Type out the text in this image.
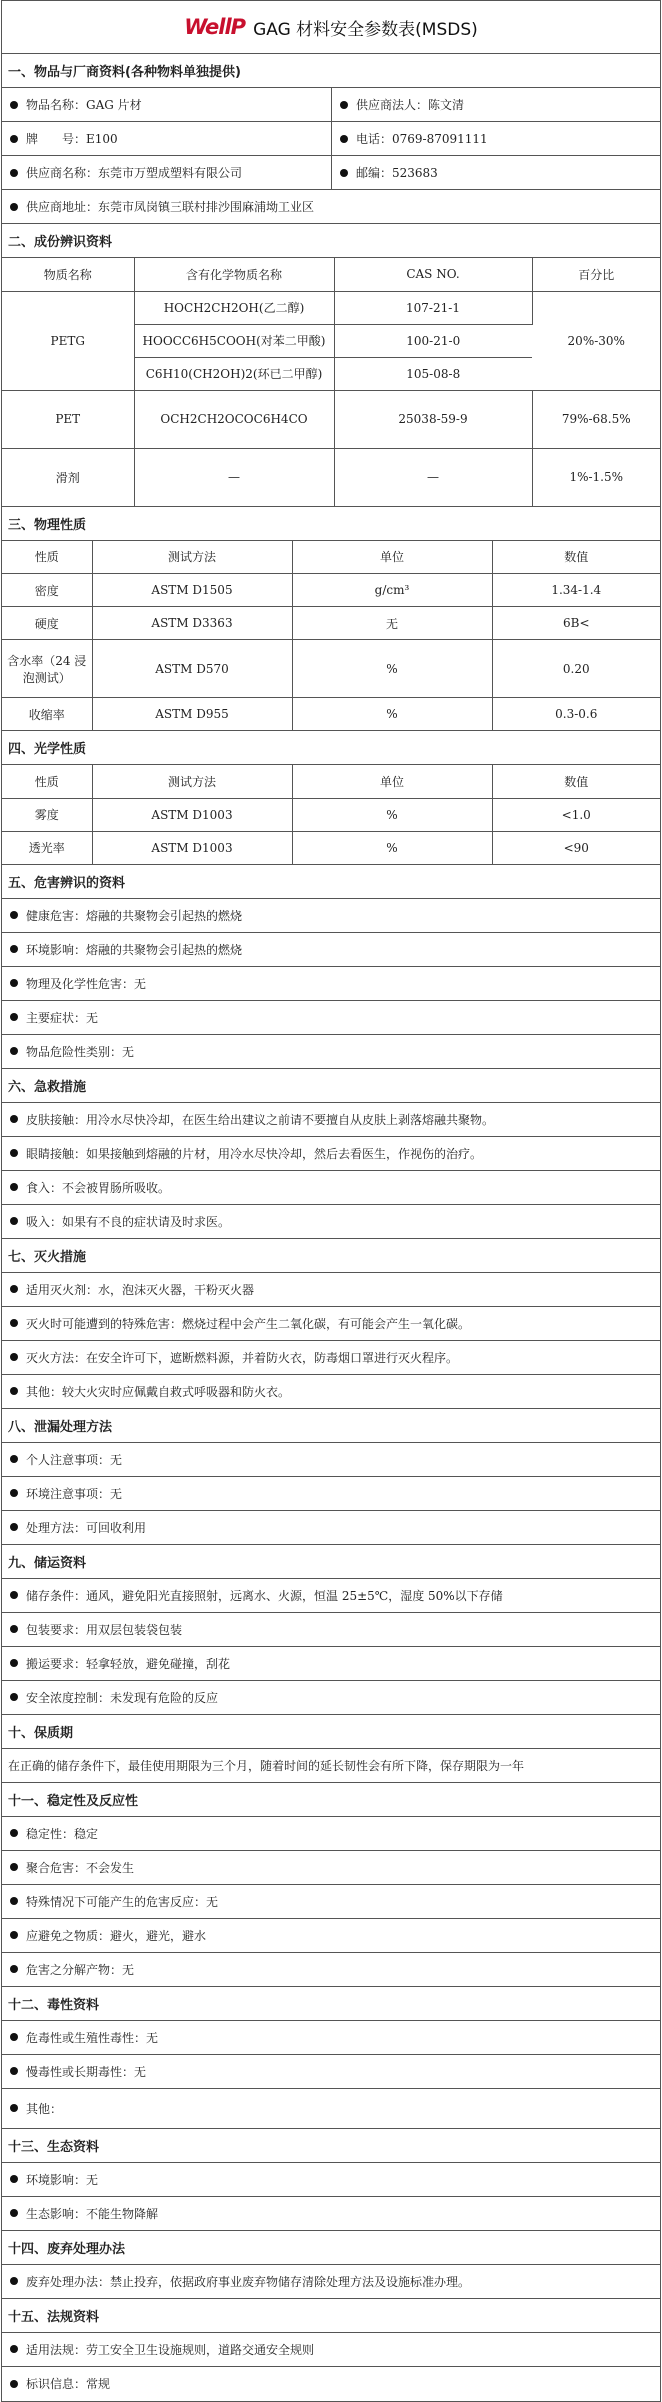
WellP GAG 材料安全参数表(MSDS)
一、物品与厂商资料(各种物料单独提供)
物品名称：GAG 片材	供应商法人：陈文清
牌　　号：E100	电话：0769-87091111
供应商名称：东莞市万塑成塑料有限公司	邮编：523683
供应商地址：东莞市凤岗镇三联村排沙围麻浦坳工业区
二、成份辨识资料
物质名称	含有化学物质名称	CAS NO.	百分比
PETG	HOCH2CH2OH(乙二醇)	107-21-1	20%-30%
	HOOCC6H5COOH(对苯二甲酸)	100-21-0	
	C6H10(CH2OH)2(环已二甲醇)	105-08-8	
PET	OCH2CH2OCOC6H4CO	25038-59-9	79%-68.5%
滑剂	—	—	1%-1.5%
三、物理性质
性质	测试方法	单位	数值
密度	ASTM D1505	g/cm³	1.34-1.4
硬度	ASTM D3363	无	6B<
含水率（24 浸泡测试）	ASTM D570	%	0.20
收缩率	ASTM D955	%	0.3-0.6
四、光学性质
性质	测试方法	单位	数值
雾度	ASTM D1003	%	<1.0
透光率	ASTM D1003	%	<90
五、危害辨识的资料
健康危害：熔融的共聚物会引起热的燃烧
环境影响：熔融的共聚物会引起热的燃烧
物理及化学性危害：无
主要症状：无
物品危险性类别：无
六、急救措施
皮肤接触：用冷水尽快冷却，在医生给出建议之前请不要擅自从皮肤上剥落熔融共聚物。
眼睛接触：如果接触到熔融的片材，用冷水尽快冷却，然后去看医生，作视伤的治疗。
食入：不会被胃肠所吸收。
吸入：如果有不良的症状请及时求医。
七、灭火措施
适用灭火剂：水，泡沫灭火器，干粉灭火器
灭火时可能遭到的特殊危害：燃烧过程中会产生二氧化碳，有可能会产生一氧化碳。
灭火方法：在安全许可下，遮断燃料源，并着防火衣，防毒烟口罩进行灭火程序。
其他：较大火灾时应佩戴自救式呼吸器和防火衣。
八、泄漏处理方法
个人注意事项：无
环境注意事项：无
处理方法：可回收利用
九、储运资料
储存条件：通风，避免阳光直接照射，远离水、火源，恒温 25±5℃，湿度 50%以下存储
包装要求：用双层包装袋包装
搬运要求：轻拿轻放，避免碰撞，刮花
安全浓度控制：未发现有危险的反应
十、保质期
在正确的储存条件下，最佳使用期限为三个月，随着时间的延长韧性会有所下降，保存期限为一年
十一、稳定性及反应性
稳定性：稳定
聚合危害：不会发生
特殊情况下可能产生的危害反应：无
应避免之物质：避火，避光，避水
危害之分解产物：无
十二、毒性资料
危毒性或生殖性毒性：无
慢毒性或长期毒性：无
其他：
十三、生态资料
环境影响：无
生态影响：不能生物降解
十四、废弃处理办法
废弃处理办法：禁止投弃，依据政府事业废弃物储存清除处理方法及设施标准办理。
十五、法规资料
适用法规：劳工安全卫生设施规则，道路交通安全规则
标识信息：常规
